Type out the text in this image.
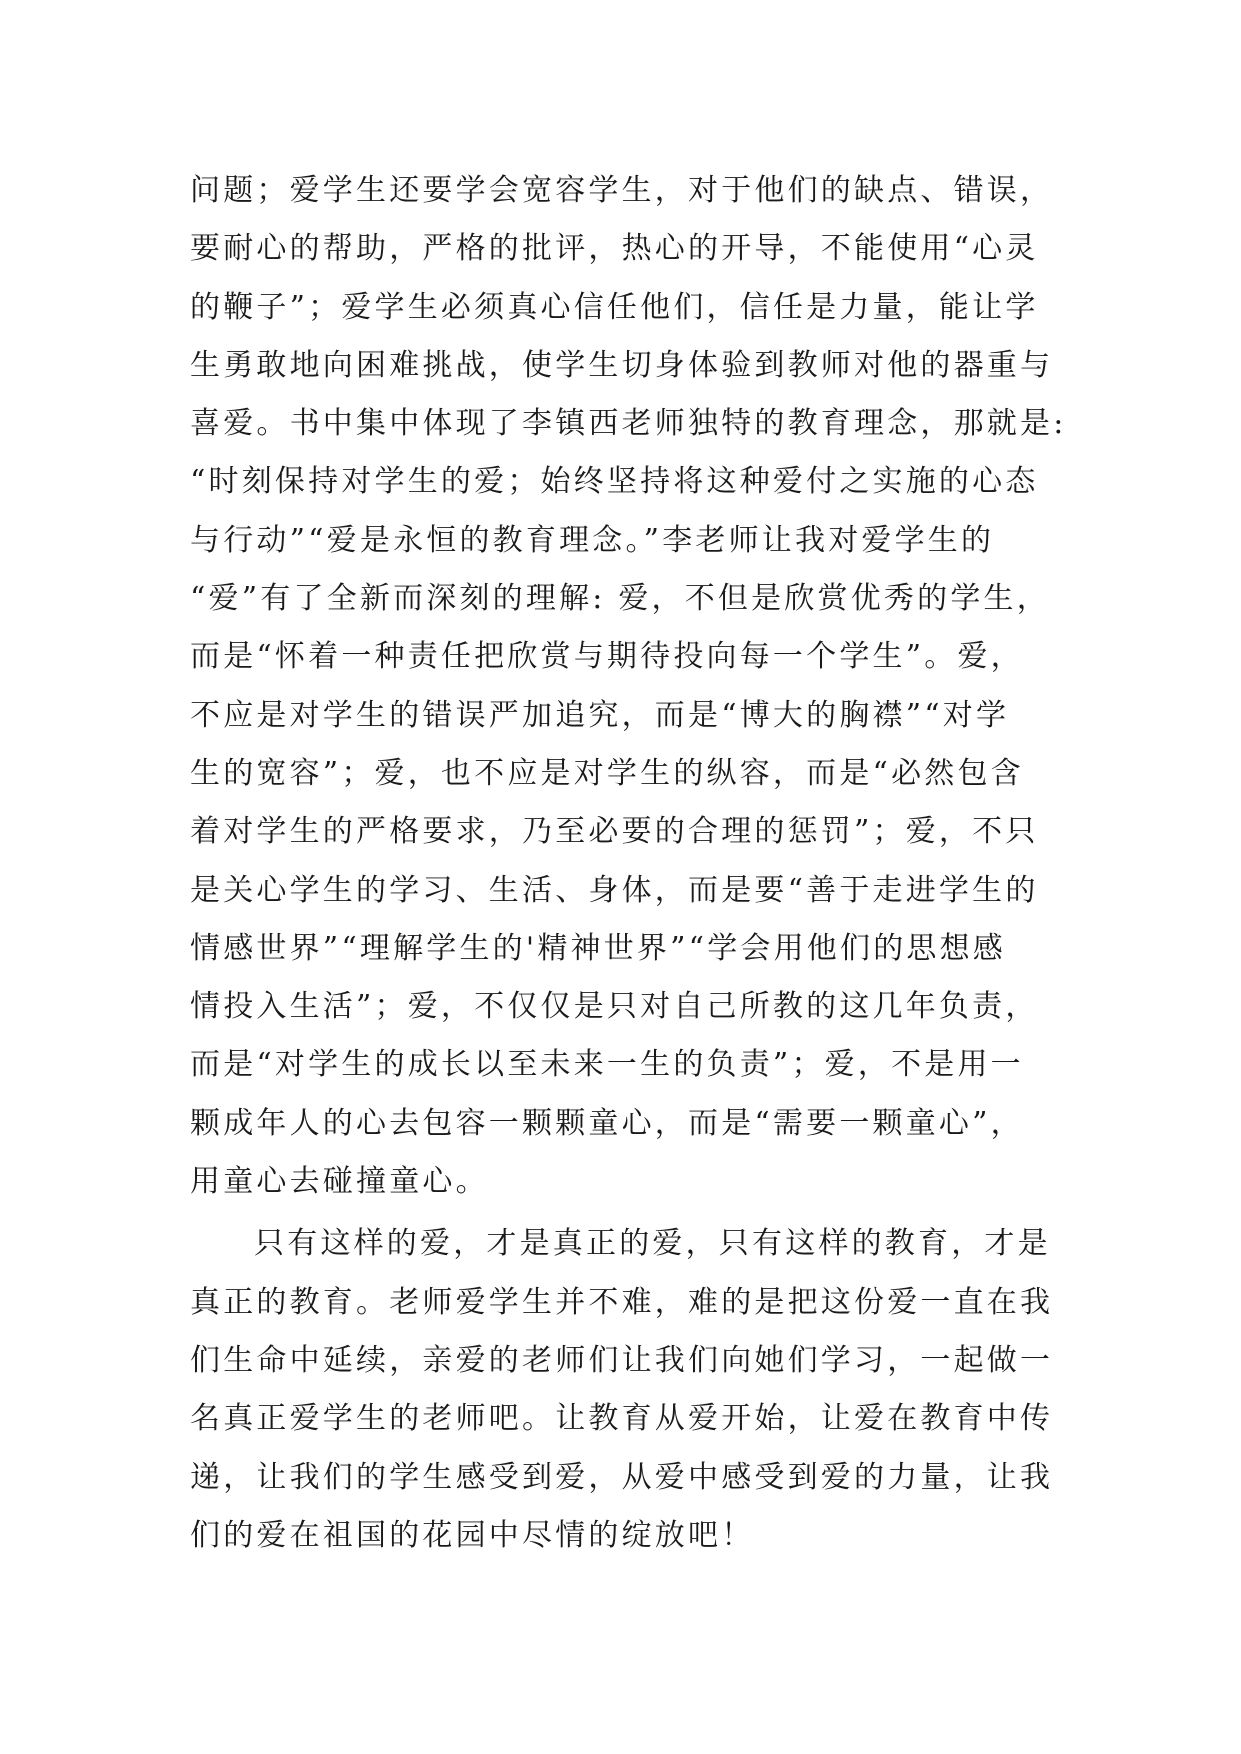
问题；爱学生还要学会宽容学生，对于他们的缺点、错误，
要耐心的帮助，严格的批评，热心的开导，不能使用“心灵
的鞭子”；爱学生必须真心信任他们，信任是力量，能让学
生勇敢地向困难挑战，使学生切身体验到教师对他的器重与
喜爱。书中集中体现了李镇西老师独特的教育理念，那就是:
“时刻保持对学生的爱；始终坚持将这种爱付之实施的心态
与行动”“爱是永恒的教育理念。”李老师让我对爱学生的
“爱”有了全新而深刻的理解: 爱，不但是欣赏优秀的学生，
而是“怀着一种责任把欣赏与期待投向每一个学生”。爱，
不应是对学生的错误严加追究，而是“博大的胸襟”“对学
生的宽容”；爱，也不应是对学生的纵容，而是“必然包含
着对学生的严格要求，乃至必要的合理的惩罚”；爱，不只
是关心学生的学习、生活、身体，而是要“善于走进学生的
情感世界”“理解学生的'精神世界”“学会用他们的思想感
情投入生活”；爱，不仅仅是只对自己所教的这几年负责，
而是“对学生的成长以至未来一生的负责”；爱，不是用一
颗成年人的心去包容一颗颗童心，而是“需要一颗童心”，
用童心去碰撞童心。
只有这样的爱，才是真正的爱，只有这样的教育，才是
真正的教育。老师爱学生并不难，难的是把这份爱一直在我
们生命中延续，亲爱的老师们让我们向她们学习，一起做一
名真正爱学生的老师吧。让教育从爱开始，让爱在教育中传
递，让我们的学生感受到爱，从爱中感受到爱的力量，让我
们的爱在祖国的花园中尽情的绽放吧！
